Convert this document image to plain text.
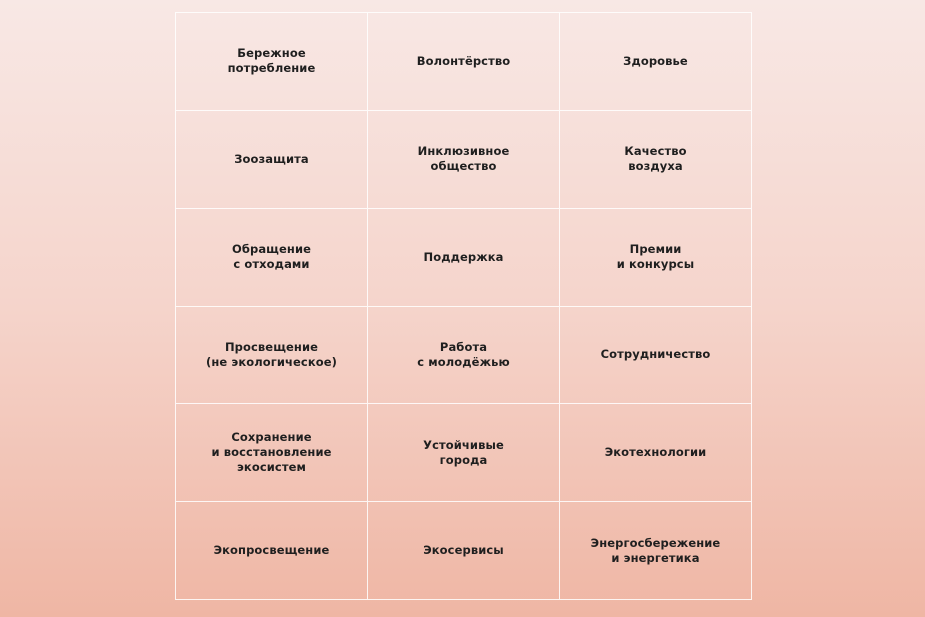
Бережное
потребление
Волонтёрство	Здоровье
Зоозащита
Инклюзивное
общество
Качество
воздуха
Обращение
с отходами
Поддержка
Премии
и конкурсы
Просвещение
(не экологическое)
Работа
с молодёжью
Сотрудничество
Сохранение
и восстановление
экосистем
Устойчивые
города
Экотехнологии
Экопросвещение	Экосервисы
Энергосбережение
и энергетика
